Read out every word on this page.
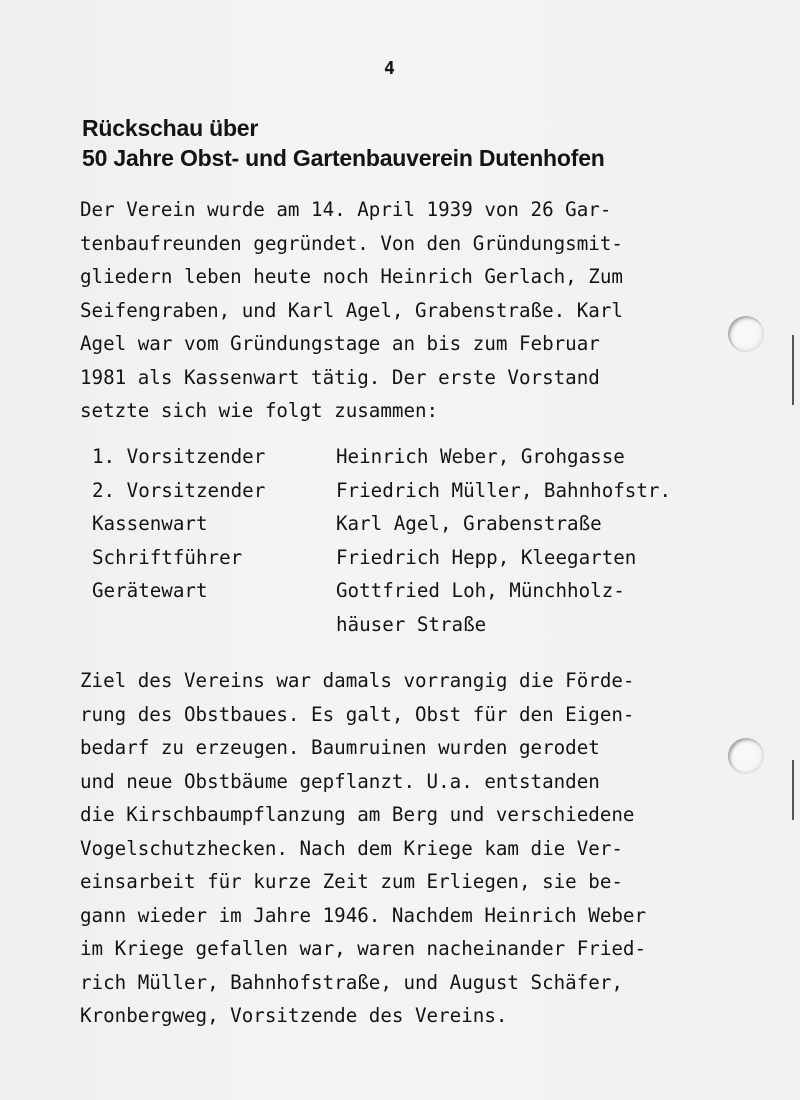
4
Rückschau über
50 Jahre Obst- und Gartenbauverein Dutenhofen
Der Verein wurde am 14. April 1939 von 26 Gar-
tenbaufreunden gegründet. Von den Gründungsmit-
gliedern leben heute noch Heinrich Gerlach, Zum
Seifengraben, und Karl Agel, Grabenstraße. Karl
Agel war vom Gründungstage an bis zum Februar
1981 als Kassenwart tätig. Der erste Vorstand
setzte sich wie folgt zusammen:
1. Vorsitzender	Heinrich Weber, Grohgasse
2. Vorsitzender	Friedrich Müller, Bahnhofstr.
Kassenwart	Karl Agel, Grabenstraße
Schriftführer	Friedrich Hepp, Kleegarten
Gerätewart	Gottfried Loh, Münchholz-
häuser Straße
Ziel des Vereins war damals vorrangig die Förde-
rung des Obstbaues. Es galt, Obst für den Eigen-
bedarf zu erzeugen. Baumruinen wurden gerodet
und neue Obstbäume gepflanzt. U.a. entstanden
die Kirschbaumpflanzung am Berg und verschiedene
Vogelschutzhecken. Nach dem Kriege kam die Ver-
einsarbeit für kurze Zeit zum Erliegen, sie be-
gann wieder im Jahre 1946. Nachdem Heinrich Weber
im Kriege gefallen war, waren nacheinander Fried-
rich Müller, Bahnhofstraße, und August Schäfer,
Kronbergweg, Vorsitzende des Vereins.
